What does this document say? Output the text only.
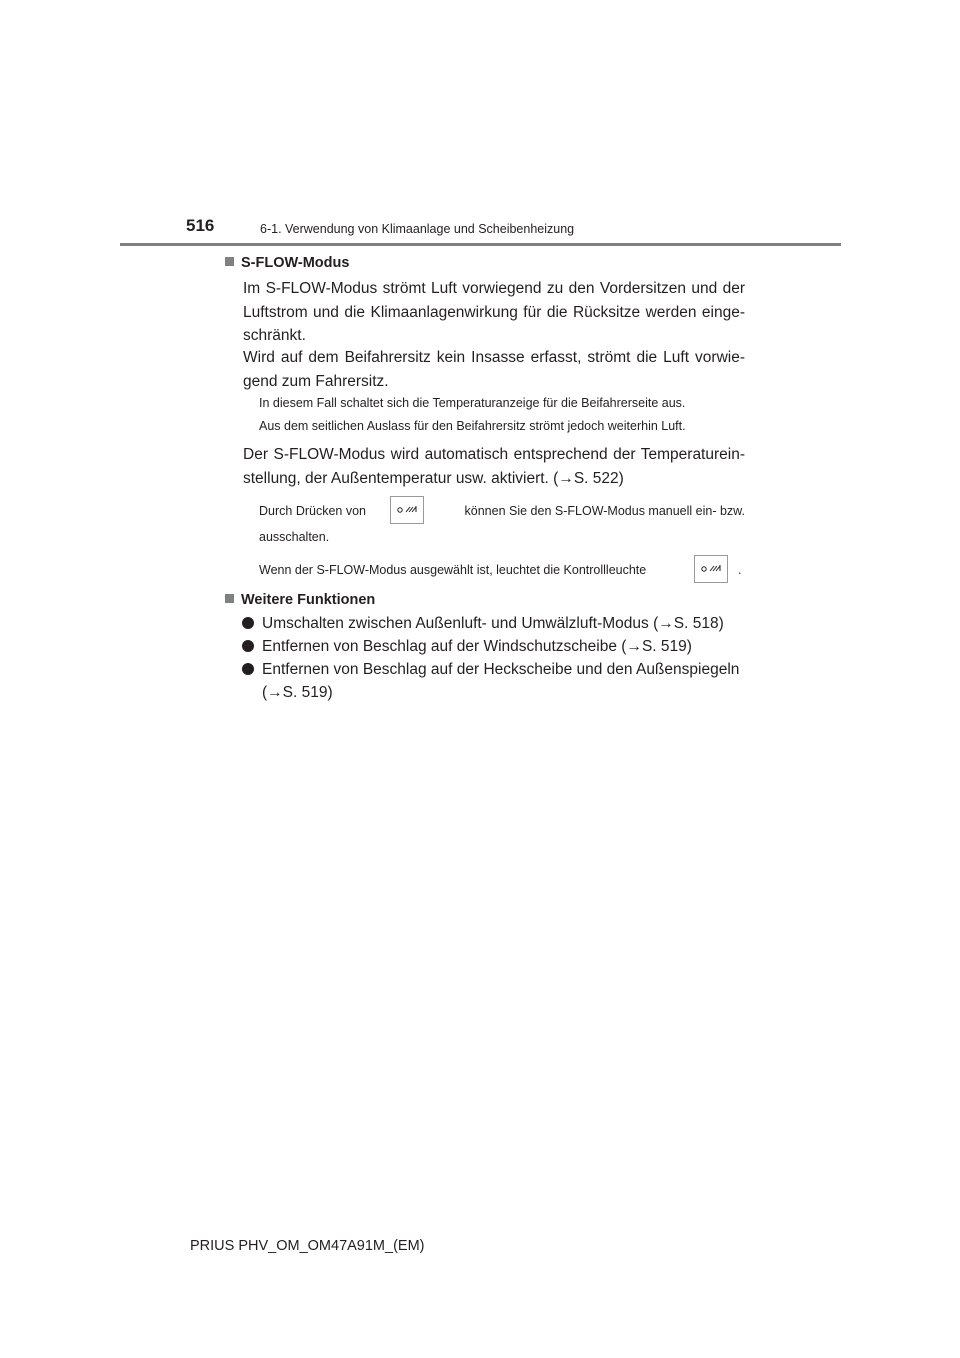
516	6-1. Verwendung von Klimaanlage und Scheibenheizung
S-FLOW-Modus
Im S-FLOW-Modus strömt Luft vorwiegend zu den Vordersitzen und der Luftstrom und die Klimaanlagenwirkung für die Rücksitze werden einge-schränkt.
Wird auf dem Beifahrersitz kein Insasse erfasst, strömt die Luft vorwie-gend zum Fahrersitz.
In diesem Fall schaltet sich die Temperaturanzeige für die Beifahrerseite aus.
Aus dem seitlichen Auslass für den Beifahrersitz strömt jedoch weiterhin Luft.
Der S-FLOW-Modus wird automatisch entsprechend der Temperaturein-stellung, der Außentemperatur usw. aktiviert. (→S. 522)
Durch Drücken von	können Sie den S-FLOW-Modus manuell ein- bzw.
ausschalten.
Wenn der S-FLOW-Modus ausgewählt ist, leuchtet die Kontrollleuchte	.
Weitere Funktionen
Umschalten zwischen Außenluft- und Umwälzluft-Modus (→S. 518)
Entfernen von Beschlag auf der Windschutzscheibe (→S. 519)
Entfernen von Beschlag auf der Heckscheibe und den Außenspiegeln (→S. 519)
PRIUS PHV_OM_OM47A91M_(EM)
